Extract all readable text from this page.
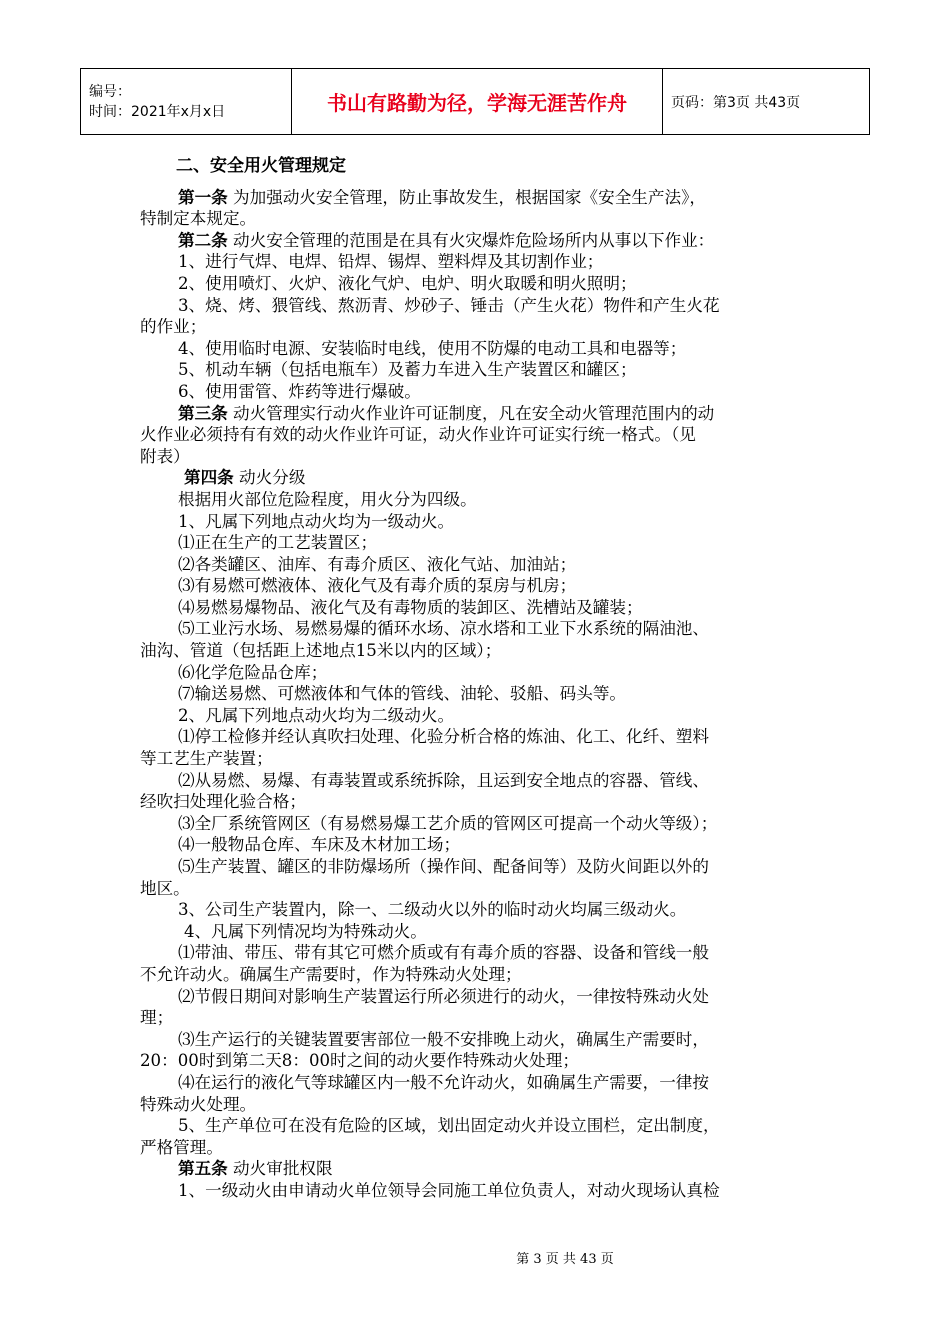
编号：
时间：2021年x月x日	书山有路勤为径，学海无涯苦作舟	页码：第3页 共43页

二、安全用火管理规定

第一条 为加强动火安全管理，防止事故发生，根据国家《安全生产法》，

特制定本规定。

第二条 动火安全管理的范围是在具有火灾爆炸危险场所内从事以下作业：

1、进行气焊、电焊、铅焊、锡焊、塑料焊及其切割作业；

2、使用喷灯、火炉、液化气炉、电炉、明火取暖和明火照明；

3、烧、烤、猥管线、熬沥青、炒砂子、锤击（产生火花）物件和产生火花

的作业；

4、使用临时电源、安装临时电线，使用不防爆的电动工具和电器等；

5、机动车辆（包括电瓶车）及蓄力车进入生产装置区和罐区；

6、使用雷管、炸药等进行爆破。

第三条 动火管理实行动火作业许可证制度，凡在安全动火管理范围内的动

火作业必须持有有效的动火作业许可证，动火作业许可证实行统一格式。（见

附表）

第四条 动火分级

根据用火部位危险程度，用火分为四级。

1、凡属下列地点动火均为一级动火。

⑴正在生产的工艺装置区；

⑵各类罐区、油库、有毒介质区、液化气站、加油站；

⑶有易燃可燃液体、液化气及有毒介质的泵房与机房；

⑷易燃易爆物品、液化气及有毒物质的装卸区、洗槽站及罐装；

⑸工业污水场、易燃易爆的循环水场、凉水塔和工业下水系统的隔油池、

油沟、管道（包括距上述地点15米以内的区域）；

⑹化学危险品仓库；

⑺输送易燃、可燃液体和气体的管线、油轮、驳船、码头等。

2、凡属下列地点动火均为二级动火。

⑴停工检修并经认真吹扫处理、化验分析合格的炼油、化工、化纤、塑料

等工艺生产装置；

⑵从易燃、易爆、有毒装置或系统拆除，且运到安全地点的容器、管线、

经吹扫处理化验合格；

⑶全厂系统管网区（有易燃易爆工艺介质的管网区可提高一个动火等级）；

⑷一般物品仓库、车床及木材加工场；

⑸生产装置、罐区的非防爆场所（操作间、配备间等）及防火间距以外的

地区。

3、公司生产装置内，除一、二级动火以外的临时动火均属三级动火。

4、凡属下列情况均为特殊动火。

⑴带油、带压、带有其它可燃介质或有有毒介质的容器、设备和管线一般

不允许动火。确属生产需要时，作为特殊动火处理；

⑵节假日期间对影响生产装置运行所必须进行的动火，一律按特殊动火处

理；

⑶生产运行的关键装置要害部位一般不安排晚上动火，确属生产需要时，

20：00时到第二天8：00时之间的动火要作特殊动火处理；

⑷在运行的液化气等球罐区内一般不允许动火，如确属生产需要，一律按

特殊动火处理。

5、生产单位可在没有危险的区域，划出固定动火并设立围栏，定出制度，

严格管理。

第五条 动火审批权限

1、一级动火由申请动火单位领导会同施工单位负责人，对动火现场认真检

第 3 页 共 43 页
